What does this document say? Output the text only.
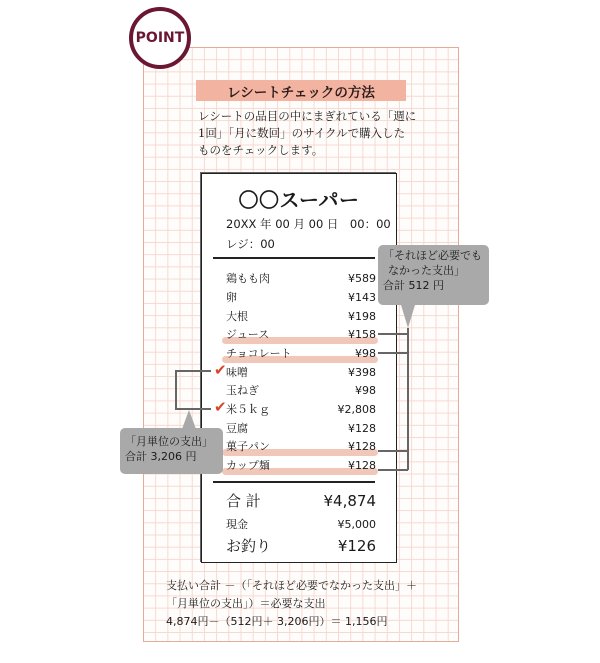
POINT
レシートチェックの方法
レシートの品目の中にまぎれている「週に
1回」「月に数回」のサイクルで購入した
ものをチェックします。
〇〇スーパー
20XX 年 00 月 00 日　00：00
レジ：00
鶏もも肉	¥589
卵	¥143
大根	¥198
ジュース	¥158
チョコレート	¥98
✔ 味噌	¥398
玉ねぎ	¥98
✔ 米５ｋｇ	¥2,808
豆腐	¥128
菓子パン	¥128
カップ麺	¥128
合 計	¥4,874
現金	¥5,000
お釣り	¥126
「それほど必要でも
なかった支出」
合計 512 円
「月単位の支出」
合計 3,206 円
支払い合計 －（「それほど必要でなかった支出」＋
「月単位の支出」）＝必要な支出
4,874円－（512円＋ 3,206円）＝ 1,156円
